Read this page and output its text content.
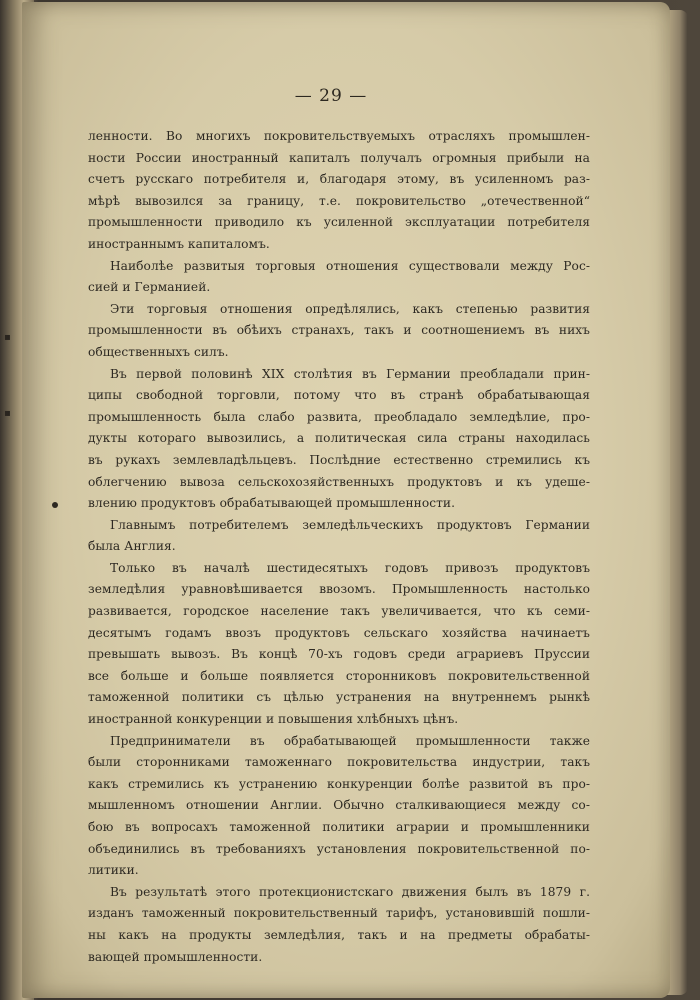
▪
▪
— 29 —
ленности. Во многихъ покровительствуемыхъ отрасляхъ промышлен-
ности России иностранный капиталъ получалъ огромныя прибыли на
счетъ русскаго потребителя и, благодаря этому, въ усиленномъ раз-
мѣрѣ вывозился за границу, т.е. покровительство „отечественной“
промышленности приводило къ усиленной эксплуатации потребителя
иностраннымъ капиталомъ.
Наиболѣе развитыя торговыя отношения существовали между Рос-
сией и Германией.
Эти торговыя отношения опредѣлялись, какъ степенью развития
промышленности въ обѣихъ странахъ, такъ и соотношениемъ въ нихъ
общественныхъ силъ.
Въ первой половинѣ XIX столѣтия въ Германии преобладали прин-
ципы свободной торговли, потому что въ странѣ обрабатывающая
промышленность была слабо развита, преобладало земледѣлие, про-
дукты котораго вывозились, а политическая сила страны находилась
въ рукахъ землевладѣльцевъ. Послѣдние естественно стремились къ
облегчению вывоза сельскохозяйственныхъ продуктовъ и къ удеше-
влению продуктовъ обрабатывающей промышленности.
Главнымъ потребителемъ земледѣльческихъ продуктовъ Германии
была Англия.
Только въ началѣ шестидесятыхъ годовъ привозъ продуктовъ
земледѣлия уравновѣшивается ввозомъ. Промышленность настолько
развивается, городское население такъ увеличивается, что къ семи-
десятымъ годамъ ввозъ продуктовъ сельскаго хозяйства начинаетъ
превышать вывозъ. Въ концѣ 70-хъ годовъ среди аграриевъ Пруссии
все больше и больше появляется сторонниковъ покровительственной
таможенной политики съ цѣлью устранения на внутреннемъ рынкѣ
иностранной конкуренции и повышения хлѣбныхъ цѣнъ.
Предприниматели въ обрабатывающей промышленности также
были сторонниками таможеннаго покровительства индустрии, такъ
какъ стремились къ устранению конкуренции болѣе развитой въ про-
мышленномъ отношении Англии. Обычно сталкивающиеся между со-
бою въ вопросахъ таможенной политики аграрии и промышленники
объединились въ требованияхъ установления покровительственной по-
литики.
Въ результатѣ этого протекционистскаго движения былъ въ 1879 г.
изданъ таможенный покровительственный тарифъ, установившiй пошли-
ны какъ на продукты земледѣлия, такъ и на предметы обрабаты-
вающей промышленности.
